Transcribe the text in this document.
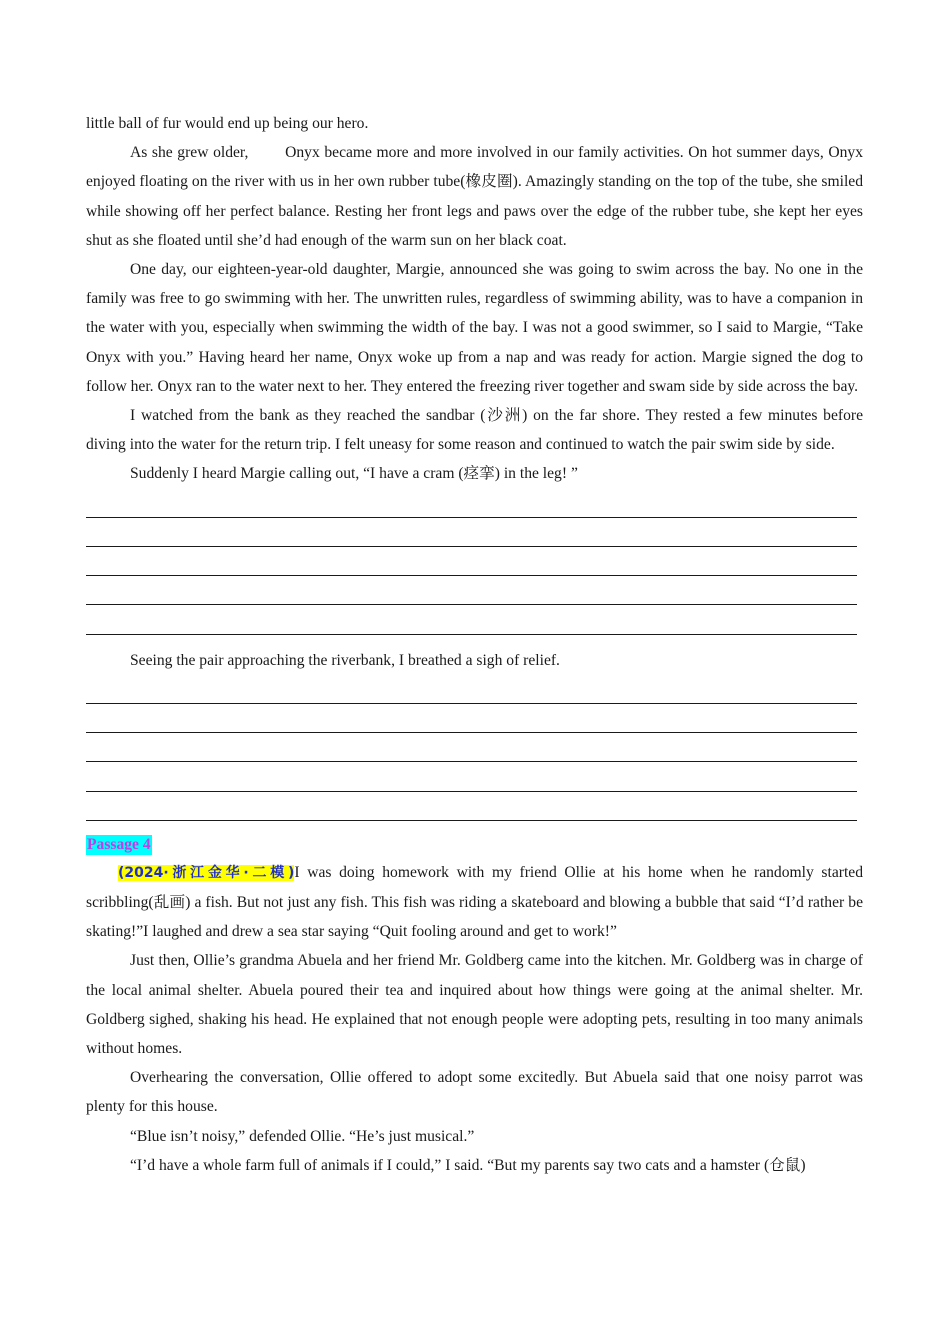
little ball of fur would end up being our hero.

As she grew older,        Onyx became more and more involved in our family activities. On hot summer days, Onyx enjoyed floating on the river with us in her own rubber tube(橡皮圈). Amazingly standing on the top of the tube, she smiled while showing off her perfect balance. Resting her front legs and paws over the edge of the rubber tube, she kept her eyes shut as she floated until she’d had enough of the warm sun on her black coat.

One day, our eighteen-year-old daughter, Margie, announced she was going to swim across the bay. No one in the family was free to go swimming with her. The unwritten rules, regardless of swimming ability, was to have a companion in the water with you, especially when swimming the width of the bay. I was not a good swimmer, so I said to Margie, “Take Onyx with you.” Having heard her name, Onyx woke up from a nap and was ready for action. Margie signed the dog to follow her. Onyx ran to the water next to her. They entered the freezing river together and swam side by side across the bay.

I watched from the bank as they reached the sandbar (沙洲) on the far shore. They rested a few minutes before diving into the water for the return trip. I felt uneasy for some reason and continued to watch the pair swim side by side.

Suddenly I heard Margie calling out, “I have a cram (痉挛) in the leg! ”

Seeing the pair approaching the riverbank, I breathed a sigh of relief.

Passage 4

(2024·浙江金华·二模)I was doing homework with my friend Ollie at his home when he randomly started scribbling(乱画) a fish. But not just any fish. This fish was riding a skateboard and blowing a bubble that said “I’d rather be skating!”I laughed and drew a sea star saying “Quit fooling around and get to work!”

Just then, Ollie’s grandma Abuela and her friend Mr. Goldberg came into the kitchen. Mr. Goldberg was in charge of the local animal shelter. Abuela poured their tea and inquired about how things were going at the animal shelter. Mr. Goldberg sighed, shaking his head. He explained that not enough people were adopting pets, resulting in too many animals without homes.

Overhearing the conversation, Ollie offered to adopt some excitedly. But Abuela said that one noisy parrot was plenty for this house.

“Blue isn’t noisy,” defended Ollie. “He’s just musical.”

“I’d have a whole farm full of animals if I could,” I said. “But my parents say two cats and a hamster (仓鼠)
